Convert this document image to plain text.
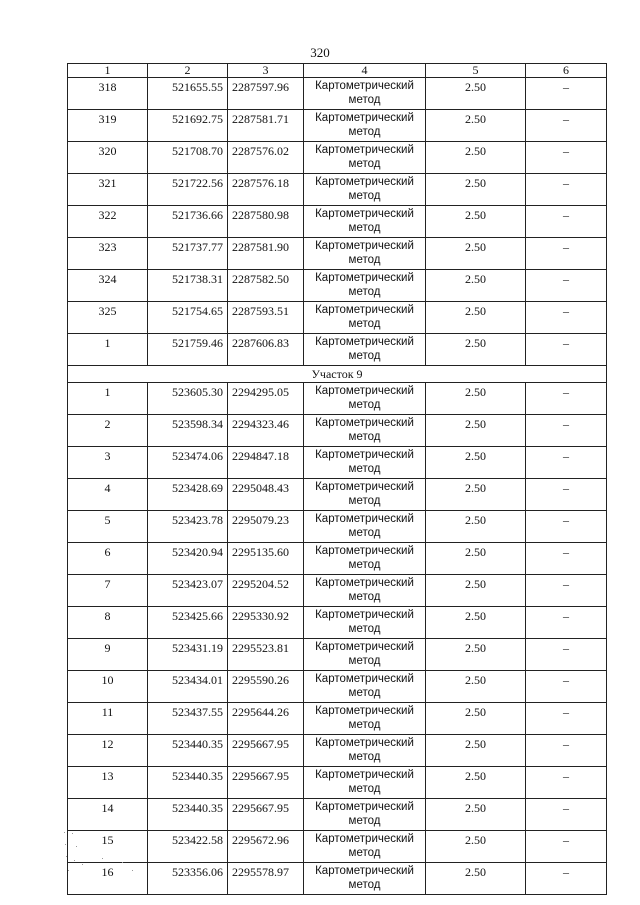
320
1	2	3	4	5	6
318	521655.55	2287597.96	Картометрический метод	2.50	–
319	521692.75	2287581.71	Картометрический метод	2.50	–
320	521708.70	2287576.02	Картометрический метод	2.50	–
321	521722.56	2287576.18	Картометрический метод	2.50	–
322	521736.66	2287580.98	Картометрический метод	2.50	–
323	521737.77	2287581.90	Картометрический метод	2.50	–
324	521738.31	2287582.50	Картометрический метод	2.50	–
325	521754.65	2287593.51	Картометрический метод	2.50	–
1	521759.46	2287606.83	Картометрический метод	2.50	–
Участок 9					
1	523605.30	2294295.05	Картометрический метод	2.50	–
2	523598.34	2294323.46	Картометрический метод	2.50	–
3	523474.06	2294847.18	Картометрический метод	2.50	–
4	523428.69	2295048.43	Картометрический метод	2.50	–
5	523423.78	2295079.23	Картометрический метод	2.50	–
6	523420.94	2295135.60	Картометрический метод	2.50	–
7	523423.07	2295204.52	Картометрический метод	2.50	–
8	523425.66	2295330.92	Картометрический метод	2.50	–
9	523431.19	2295523.81	Картометрический метод	2.50	–
10	523434.01	2295590.26	Картометрический метод	2.50	–
11	523437.55	2295644.26	Картометрический метод	2.50	–
12	523440.35	2295667.95	Картометрический метод	2.50	–
13	523440.35	2295667.95	Картометрический метод	2.50	–
14	523440.35	2295667.95	Картометрический метод	2.50	–
15	523422.58	2295672.96	Картометрический метод	2.50	–
16	523356.06	2295578.97	Картометрический метод	2.50	–
